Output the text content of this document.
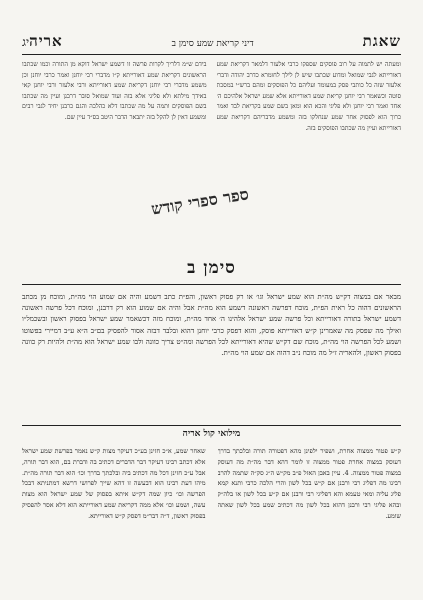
שאגת
דיני קריאת שמע סימן ב
אריה
יג
ומעתה יש לתמוה על רוב פוסקים שספקו כרבי אלעזר דלמאר דקריאת שמע דאורייתא לגבי שמואל ומדוע שכתבו שיש לן לילך לחומרא כדרב יהודה ודברי אלעזר שזה כל כותבי פסק במעומד ועליהם כל הפוסקים ומהם ברש״י במסכת סוטה וכשאמר רבי יוחנן קריאת שמע דאורייתא אלא שמע ישראל אלהיכם ה׳ אחד ואמר רבי יוחנן ולא פליגי והכא הוא ומאן בשם שמע בקריאת לבד ואמר כרוך הוא לפסוק אחר שמע שנחלקו בזה ומשמע מדבריהם דקריאת שמע דאורייתא ועיין מה שכתבו הפוסקים בזה.
בידם ש״מ דלריך לקרות פרשה זו דשמע ישראל דוקא מן התורה וכמו שכתבו הראשונים דקריאת שמע דאורייתא ק״ו מדברי רבי יוחנן ואמר כרבי יוחנן וכן משמע מדברי רבי יוחנן דקריאת שמע דאורייתא ורבי אלעזר ורבי יוחנן קאי באידך מילתא ולא פליגי אלא בזה ועוד שמואל סובר דרבנן ועיין מה שכתבו בשם הפוסקים ותמה על מה שכתבו דלא כהלכה והגם כרבנן יחיד לגבי רבים ומשמע דאין לן להקל בזה יתבאר הדבר היטב בס״ד עיין שם.
ספר ספרי קודש
סימן ב
מבאר אם במצוה דק״ש מה״ת הוא שמע ישראל וגו׳ או רק פסוק ראשון, והפ״ת כתב דשמע והיה אם שמוע הוי מה״ת, ומוכח מן מכתב הראשונים דהוה כל ראית הפ״ת, מוכח דפרשה ראשונה דשמע הוא מה״ת אבל והיה אם שמוע הוא רק דרבנן, ומוכח דכל פרשה ראשונה דשמע ישראל בתורה דאורייתא וכל פרשה שמע ישראל אלהינו ה׳ אחד מה״ת, ומוכח מזה דכשאמר שמע ישראל בפסוק ראשון ובשכמל״ו ואילך מה שפסק מה שאמרינן ק״ש דאורייתא פוסק, והוא דפסק כרבי יוחנן דהוא ובלבד דבזה אסור להפסיק בם״ב ה״א ע״ב דמיירי בפשוטו ושמע לכל הפרשה הוי מה״ת, מוכח שם דק״ש שהיא דאורייתא לכל הפרשה ומה״ט צריך כוונה ולבו שמע ישראל הוא מה״ת ולהיות רק כוונה בפסוק ראשון, ולהאריה ז״ל מה מוכח נ״ב דהוה אם שמע הוי מה״ת.
מילואי קול אריה
ק״ש פטור ממצוה אחרת, ושפיר ילפינן מהא דפטורה תורה ובלכתך בדרך דעוסק במצוה אחרת פטור ממצוה זו לומר דהא דבר מה״ת מה דעוסק במצוה פטור ממצוה. 4. עיין באבן האזל פ״ב מק״ש ה״ג סק״ה שתמה להרב רבינו מה דפליג רבי ורבנן אם ק״ש בכל לשון והרי הלכה כרבי ותנא קמא פליג עליה ומאי טעמא והא דפליגי רבי ורבנן אם ק״ש בכל לשון או בלה״ק ובהא פליגי רבי ורבנן דהוא בכל לשון מה דכתיב שמע בכל לשון שאתה שומע.
שאחר שמע, א״כ חזינן בע״כ דעיקר מצות ק״ש נאמר בפרשת שמע ישראל אלא דכתב רבינו דעיקר דבר הדברים דכתיב בה ודברת בם, הוא דבר תורה, אבל ע״כ חזינן דכל מה דכתיב ביה ובלכתך בדרך וכו׳ הוא דבר תורה מה״ת. מיהו דעת רבינו הוא דבעשה זו דהא שייך לפרושי דרשא דמתניתא דבכל הפרשה וכו׳ כיון שמה דק״ש איתא בפסוק של שמע ישראל הוא מצות עשה, ושמע וכו׳ אלא ממה דקריאת שמע דאורייתא הוא דלא אסר להפסיק בפסוק ראשון, ד״ה דבר״מ דפסק ק״ש דאורייתא.
